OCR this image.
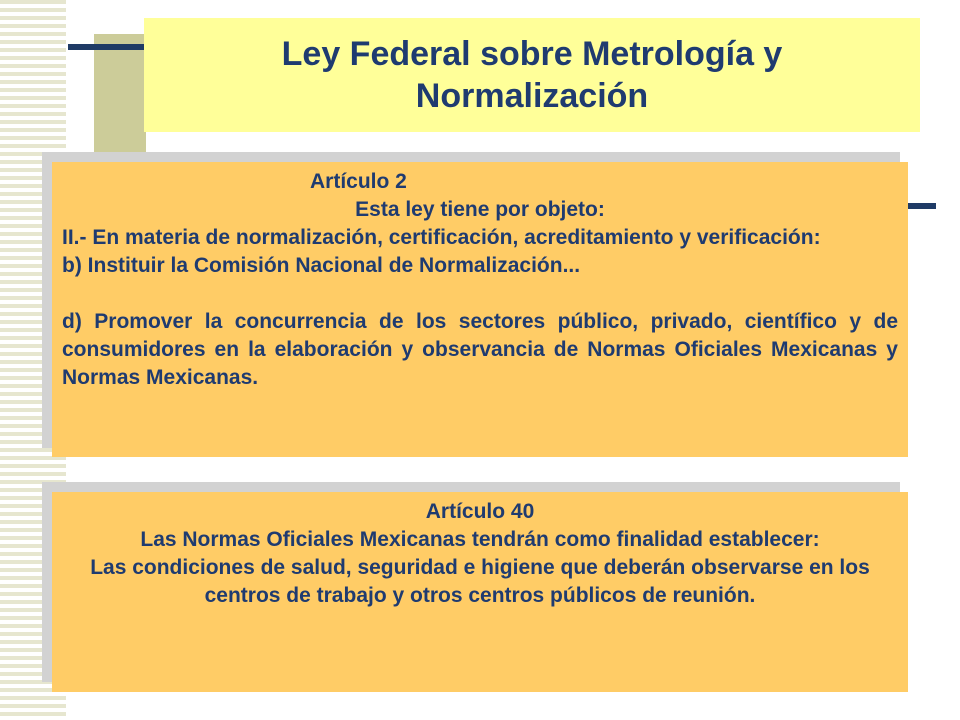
Ley Federal sobre Metrología y Normalización
Artículo 2
Esta ley tiene por objeto:

II.- En materia de normalización, certificación, acreditamiento y verificación:

b) Instituir la Comisión Nacional de Normalización...

d) Promover la concurrencia de los sectores público, privado, científico y de consumidores en la elaboración y observancia de Normas Oficiales Mexicanas y Normas Mexicanas.

Artículo 40
Las Normas Oficiales Mexicanas tendrán como finalidad establecer:
Las condiciones de salud, seguridad e higiene que deberán observarse en los centros de trabajo y otros centros públicos de reunión.
